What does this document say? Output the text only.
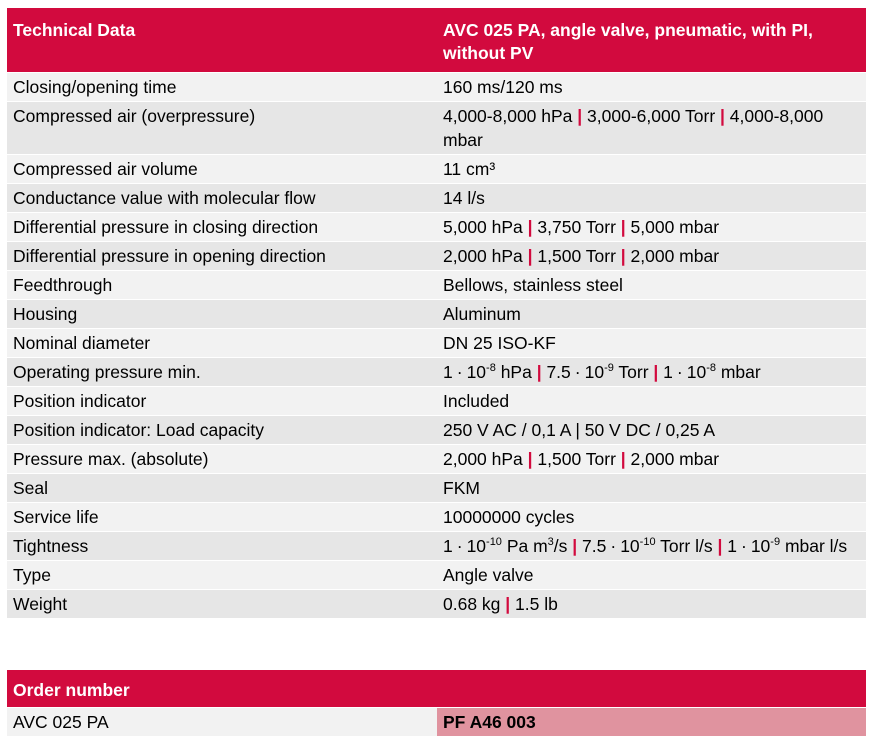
Technical Data	AVC 025 PA, angle valve, pneumatic, with PI, without PV
Closing/opening time	160 ms/120 ms
Compressed air (overpressure)	4,000-8,000 hPa | 3,000-6,000 Torr | 4,000-8,000 mbar
Compressed air volume	11 cm³
Conductance value with molecular flow	14 l/s
Differential pressure in closing direction	5,000 hPa | 3,750 Torr | 5,000 mbar
Differential pressure in opening direction	2,000 hPa | 1,500 Torr | 2,000 mbar
Feedthrough	Bellows, stainless steel
Housing	Aluminum
Nominal diameter	DN 25 ISO-KF
Operating pressure min.	$1 \cdot 10^{-8}$ hPa | $7.5 \cdot 10^{-9}$ Torr | $1 \cdot 10^{-8}$ mbar
Position indicator	Included
Position indicator: Load capacity	250 V AC / 0,1 A | 50 V DC / 0,25 A
Pressure max. (absolute)	2,000 hPa | 1,500 Torr | 2,000 mbar
Seal	FKM
Service life	10000000 cycles
Tightness	$1 \cdot 10^{-10}$ Pa $m^3/s$ | $7.5 \cdot 10^{-10}$ Torr l/s | $1 \cdot 10^{-9}$ mbar l/s
Type	Angle valve
Weight	0.68 kg | 1.5 lb
Order number
AVC 025 PA	PF A46 003
